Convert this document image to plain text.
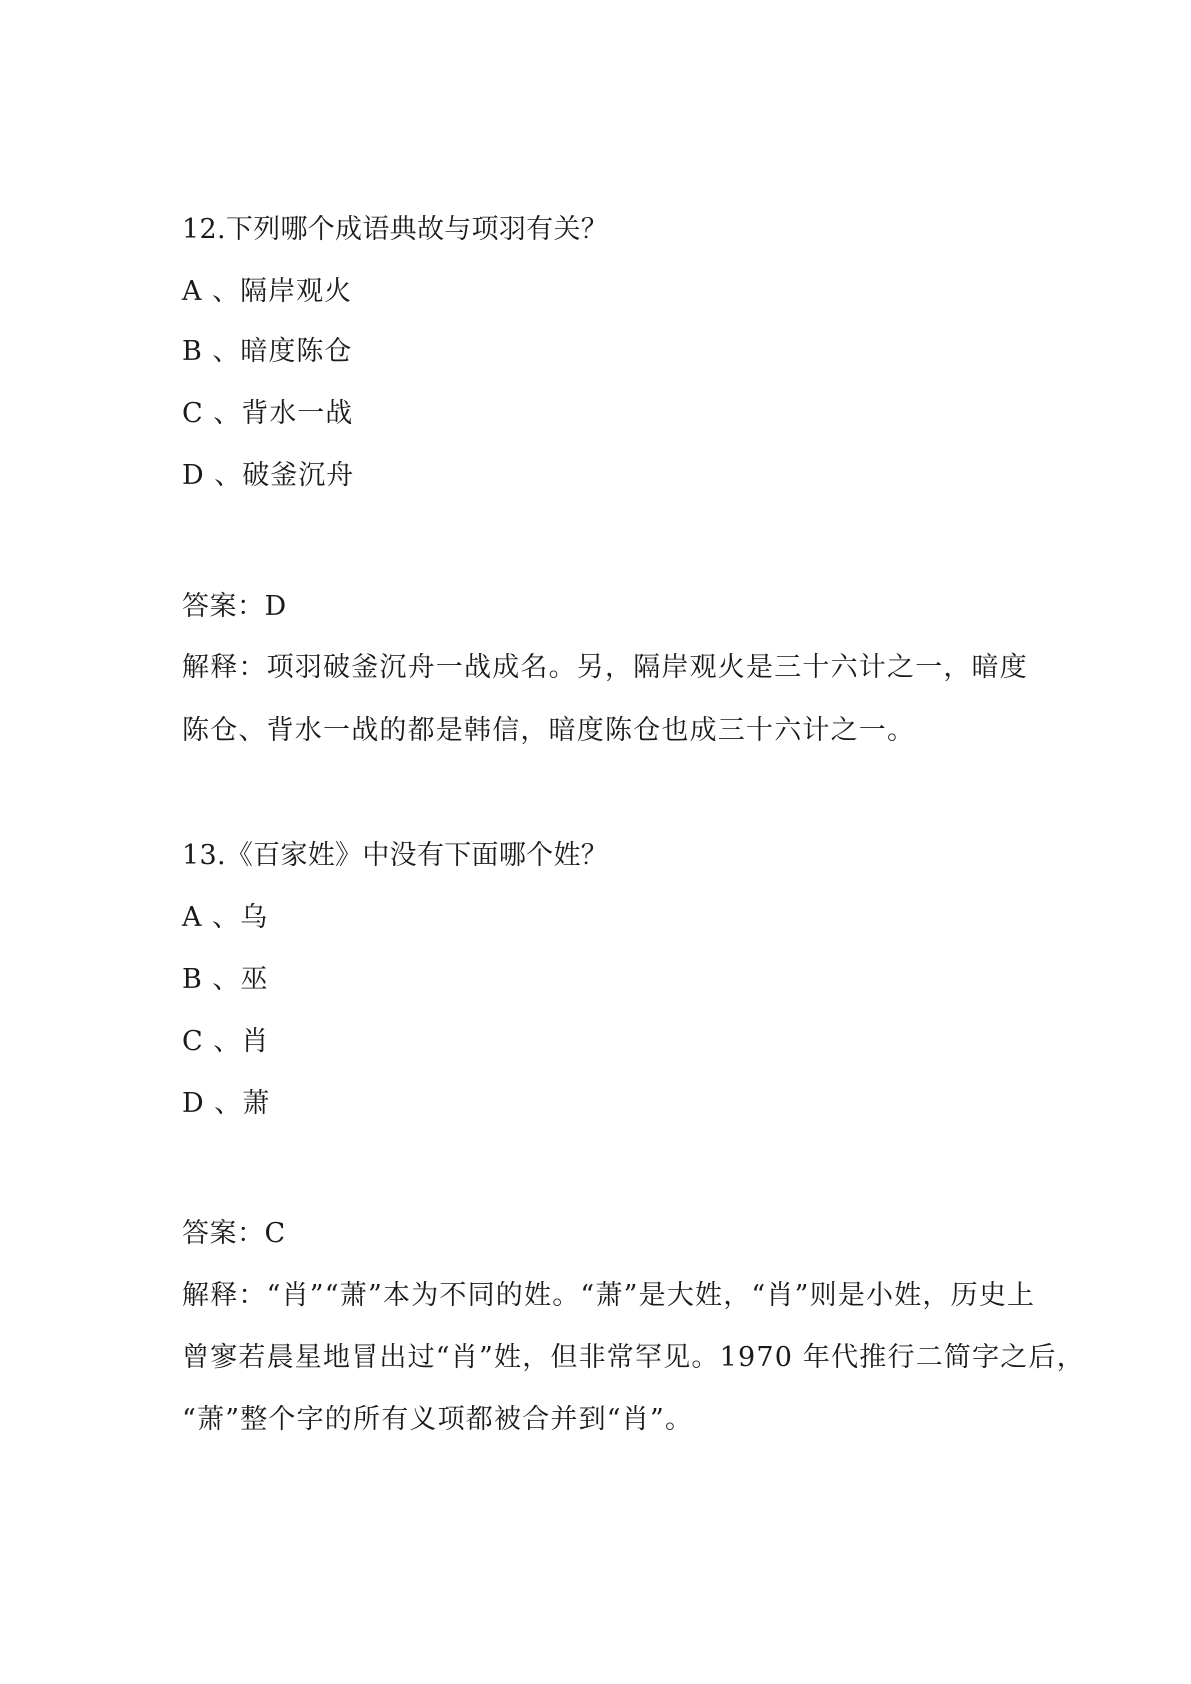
12.下列哪个成语典故与项羽有关？
A 、隔岸观火
B 、暗度陈仓
C 、背水一战
D 、破釜沉舟
答案：D
解释：项羽破釜沉舟一战成名。另，隔岸观火是三十六计之一，暗度
陈仓、背水一战的都是韩信，暗度陈仓也成三十六计之一。
13.《百家姓》中没有下面哪个姓？
A 、乌
B 、巫
C 、肖
D 、萧
答案：C
解释：“肖”“萧”本为不同的姓。“萧”是大姓，“肖”则是小姓，历史上
曾寥若晨星地冒出过“肖”姓，但非常罕见。1970 年代推行二简字之后，
“萧”整个字的所有义项都被合并到“肖”。
